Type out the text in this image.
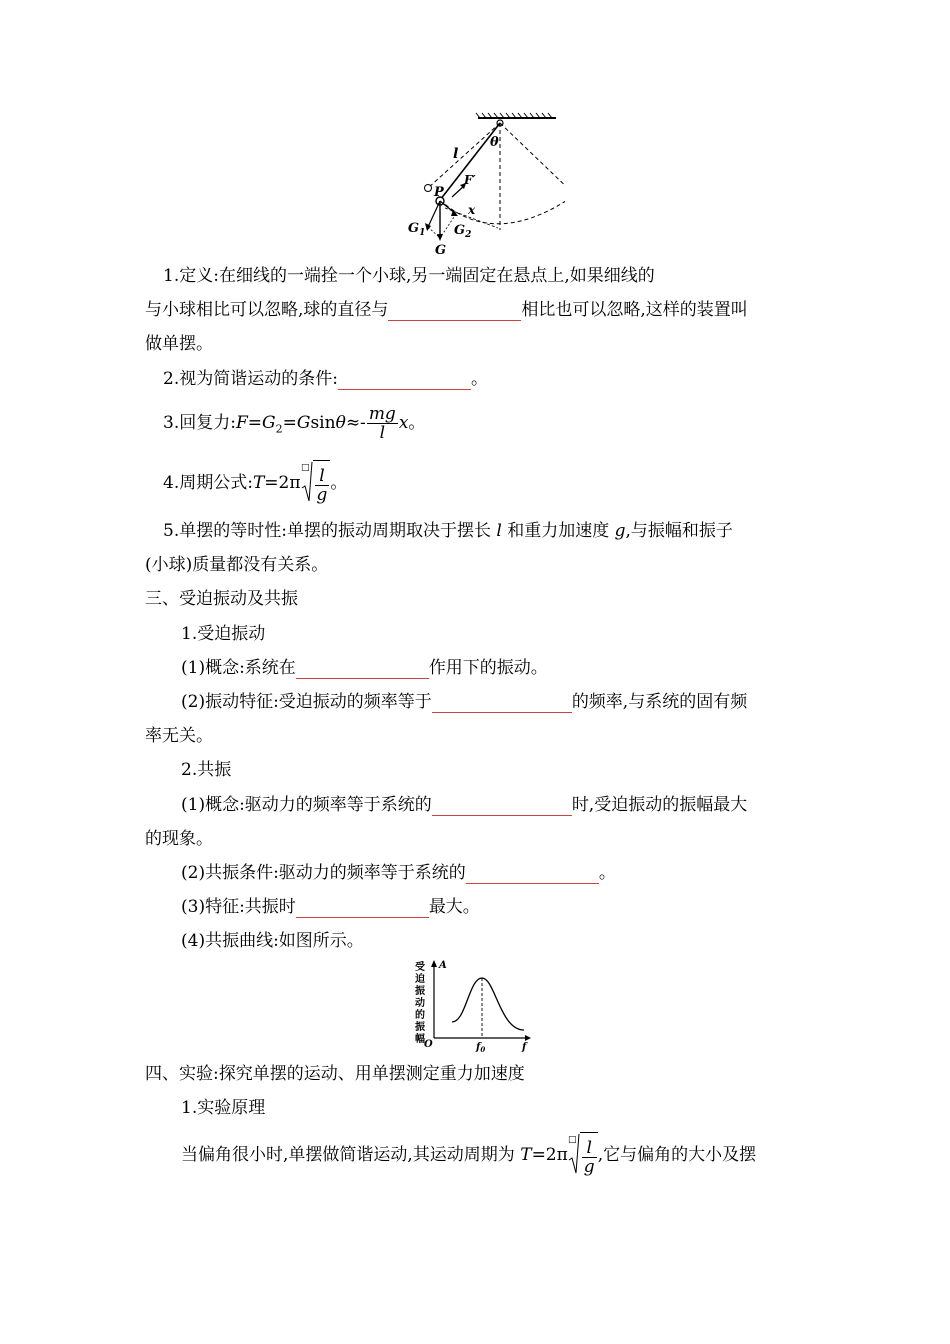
θ
l
F′
P
x
$G_1$ $G_2$
G
1.定义:在细线的一端拴一个小球,另一端固定在悬点上,如果细线的
与小球相比可以忽略,球的直径与	相比也可以忽略,这样的装置叫
做单摆。
2.视为简谐运动的条件:	。
3.回复力$:F=G_2=Gsin\theta\approx- \frac{mg}{l}$ x。
4.周期公式:T=2π
□ $\frac{l}{g}$ 。
5.单摆的等时性:单摆的振动周期取决于摆长 l 和重力加速度 g,与振幅和振子
(小球)质量都没有关系。
三、受迫振动及共振
1.受迫振动
(1)概念:系统在	作用下的振动。
(2)振动特征:受迫振动的频率等于	的频率,与系统的固有频
率无关。
2.共振
(1)概念:驱动力的频率等于系统的	时,受迫振动的振幅最大
的现象。
(2)共振条件:驱动力的频率等于系统的	。
(3)特征:共振时	最大。
(4)共振曲线:如图所示。
受
迫
振
动
的
振
幅
A
f
O	$f_0$
四、实验:探究单摆的运动、用单摆测定重力加速度
1.实验原理
当偏角很小时,单摆做简谐运动,其运动周期为 T=2π
□ $\frac{l}{g}$ ,它与偏角的大小及摆
